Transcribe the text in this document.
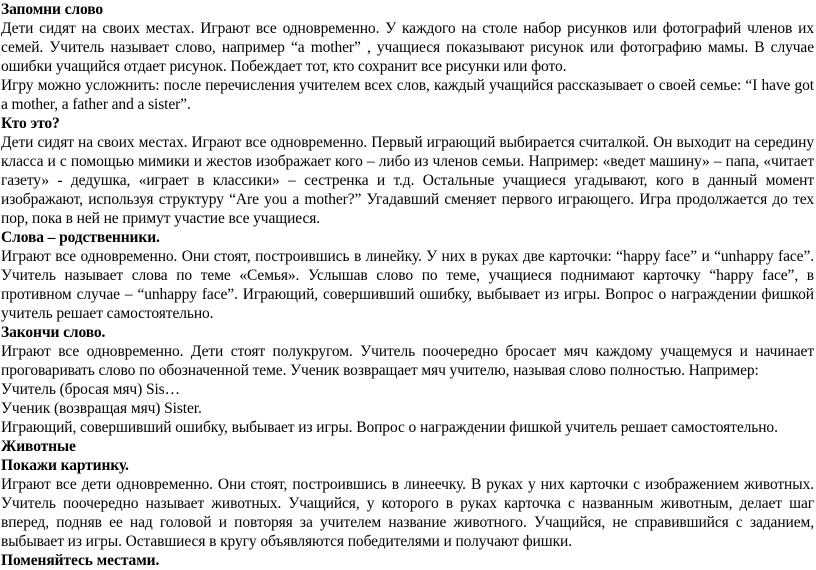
Запомни слово

Дети сидят на своих местах. Играют все одновременно. У каждого на столе набор рисунков или фотографий членов их семей. Учитель называет слово, например “a mother” , учащиеся показывают рисунок или фотографию мамы. В случае ошибки учащийся отдает рисунок. Побеждает тот, кто сохранит все рисунки или фото.

Игру можно усложнить: после перечисления учителем всех слов, каждый учащийся рассказывает о своей семье: “I have got a mother, a father and a sister”.

Кто это?

Дети сидят на своих местах. Играют все одновременно. Первый играющий выбирается считалкой. Он выходит на середину класса и с помощью мимики и жестов изображает кого – либо из членов семьи. Например: «ведет машину» – папа, «читает газету» - дедушка, «играет в классики» – сестренка и т.д. Остальные учащиеся угадывают, кого в данный момент изображают, используя структуру “Are you a mother?” Угадавший сменяет первого играющего. Игра продолжается до тех пор, пока в ней не примут участие все учащиеся.

Слова – родственники.

Играют все одновременно. Они стоят, построившись в линейку. У них в руках две карточки: “happy face” и “unhappy face”. Учитель называет слова по теме «Семья». Услышав слово по теме, учащиеся поднимают карточку “happy face”, в противном случае – “unhappy face”. Играющий, совершивший ошибку, выбывает из игры. Вопрос о награждении фишкой учитель решает самостоятельно.

Закончи слово.

Играют все одновременно. Дети стоят полукругом. Учитель поочередно бросает мяч каждому учащемуся и начинает проговаривать слово по обозначенной теме. Ученик возвращает мяч учителю, называя слово полностью. Например:

Учитель (бросая мяч) Sis…

Ученик (возвращая мяч) Sister.

Играющий, совершивший ошибку, выбывает из игры. Вопрос о награждении фишкой учитель решает самостоятельно.

Животные
Покажи картинку.

Играют все дети одновременно. Они стоят, построившись в линеечку. В руках у них карточки с изображением животных. Учитель поочередно называет животных. Учащийся, у которого в руках карточка с названным животным, делает шаг вперед, подняв ее над головой и повторяя за учителем название животного. Учащийся, не справившийся с заданием, выбывает из игры. Оставшиеся в кругу объявляются победителями и получают фишки.

Поменяйтесь местами.
